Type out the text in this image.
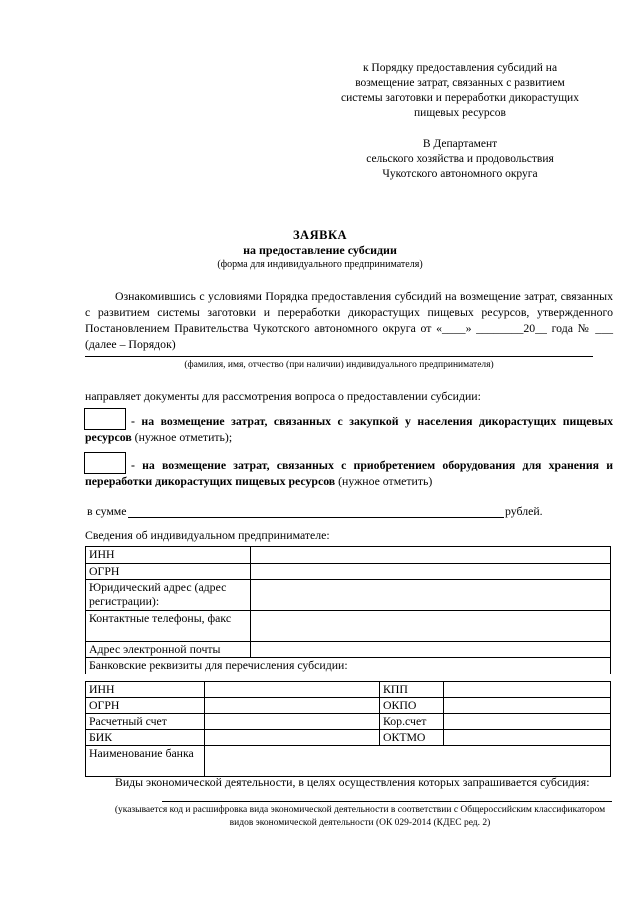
к Порядку предоставления субсидий на
возмещение затрат, связанных с развитием
системы заготовки и переработки дикорастущих
пищевых ресурсов
В Департамент
сельского хозяйства и продовольствия
Чукотского автономного округа
ЗАЯВКА
на предоставление субсидии
(форма для индивидуального предпринимателя)
Ознакомившись с условиями Порядка предоставления субсидий на возмещение затрат, связанных с развитием системы заготовки и переработки дикорастущих пищевых ресурсов, утвержденного Постановлением Правительства Чукотского автономного округа от «____» ________20__ года № ___ (далее – Порядок)
(фамилия, имя, отчество (при наличии) индивидуального предпринимателя)
направляет документы для рассмотрения вопроса о предоставлении субсидии:
- на возмещение затрат, связанных с закупкой у населения дикорастущих пищевых ресурсов (нужное отметить);
- на возмещение затрат, связанных с приобретением оборудования для хранения и переработки дикорастущих пищевых ресурсов (нужное отметить)
в сумме	рублей.
Сведения об индивидуальном предпринимателе:
ИНН	
ОГРН	
Юридический адрес (адрес регистрации):	
Контактные телефоны, факс	
Адрес электронной почты	
Банковские реквизиты для перечисления субсидии:	
ИНН		КПП	
ОГРН		ОКПО	
Расчетный счет		Кор.счет	
БИК		ОКТМО	
Наименование банка			
Виды экономической деятельности, в целях осуществления которых запрашивается субсидия:
(указывается код и расшифровка вида экономической деятельности в соответствии с Общероссийским классификатором видов экономической деятельности (ОК 029-2014 (КДЕС ред. 2)
